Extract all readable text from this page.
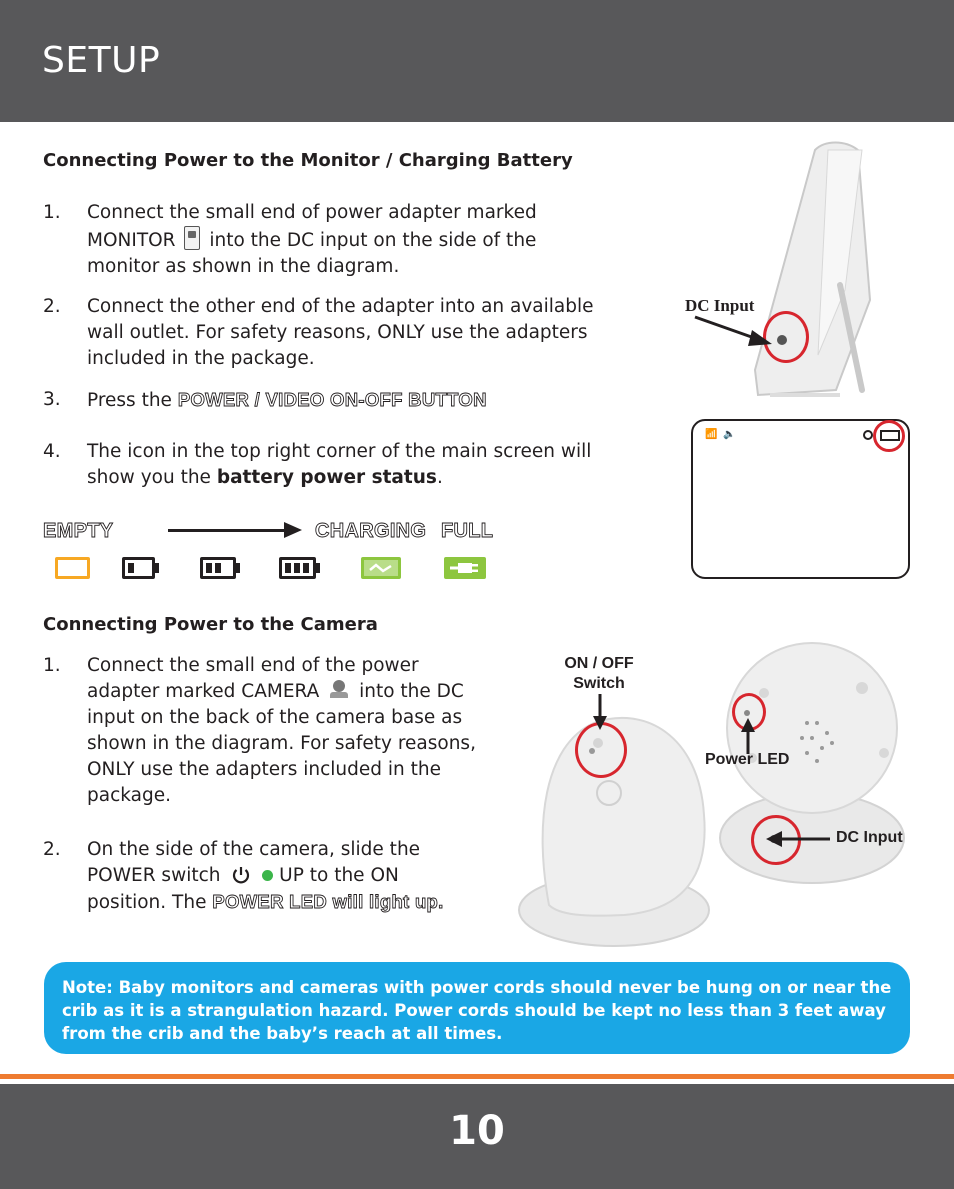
SETUP
Connecting Power to the Monitor / Charging Battery
1.	Connect the small end of power adapter marked
MONITOR into the DC input on the side of the
monitor as shown in the diagram.
2.	Connect the other end of the adapter into an available
wall outlet. For safety reasons, ONLY use the adapters
included in the package.
3.	Press the POWER / VIDEO ON-OFF BUTTON
4.	The icon in the top right corner of the main screen will
show you the battery power status.
EMPTY	CHARGING FULL
DC Input
📶 🔈
Connecting Power to the Camera
1.	Connect the small end of the power
adapter marked CAMERA into the DC
input on the back of the camera base as
shown in the diagram. For safety reasons,
ONLY use the adapters included in the
package.
2.	On the side of the camera, slide the
POWER switch	UP to the ON
position. The POWER LED will light up.
ON / OFF
Switch
Power LED
DC Input
Note: Baby monitors and cameras with power cords should never be hung on or near the
crib as it is a strangulation hazard. Power cords should be kept no less than 3 feet away
from the crib and the baby’s reach at all times.
10
